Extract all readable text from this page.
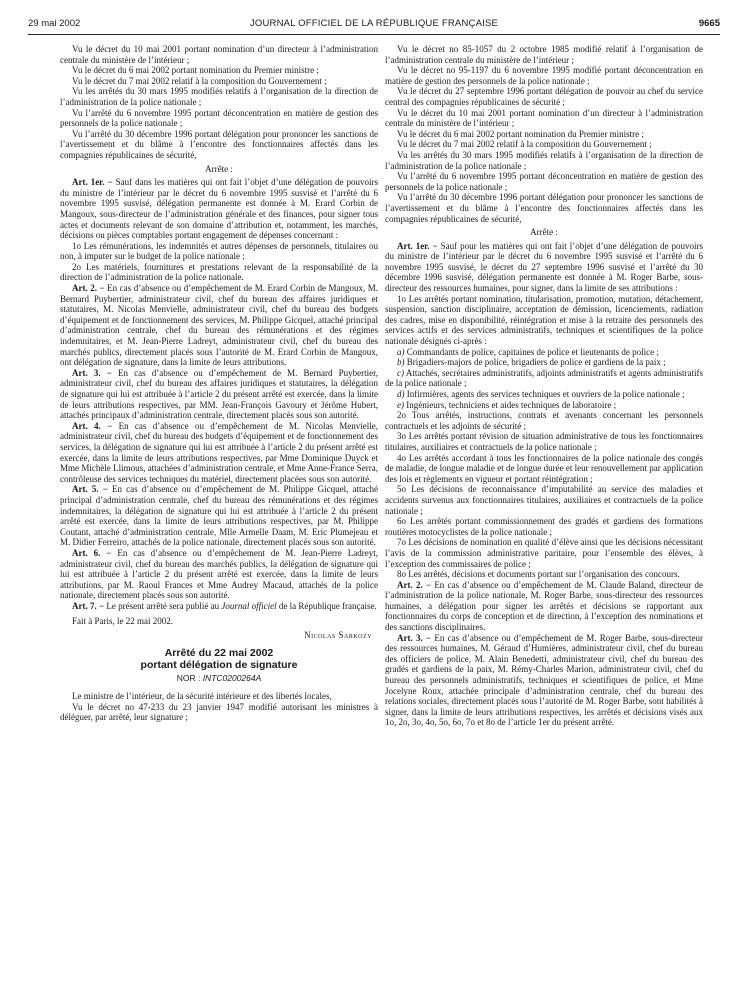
29 mai 2002	JOURNAL OFFICIEL DE LA RÉPUBLIQUE FRANÇAISE	9665

Vu le décret du 10 mai 2001 portant nomination d’un directeur à l’administration centrale du ministère de l’intérieur ;

Vu le décret du 6 mai 2002 portant nomination du Premier ministre ;

Vu le décret du 7 mai 2002 relatif à la composition du Gouvernement ;

Vu les arrêtés du 30 mars 1995 modifiés relatifs à l’organisation de la direction de l’administration de la police nationale ;

Vu l’arrêté du 6 novembre 1995 portant déconcentration en matière de gestion des personnels de la police nationale ;

Vu l’arrêté du 30 décembre 1996 portant délégation pour prononcer les sanctions de l’avertissement et du blâme à l’encontre des fonctionnaires affectés dans les compagnies républicaines de sécurité,

Arrête :

Art. 1er. − Sauf dans les matières qui ont fait l’objet d’une délégation de pouvoirs du ministre de l’intérieur par le décret du 6 novembre 1995 susvisé et l’arrêté du 6 novembre 1995 susvisé, délégation permanente est donnée à M. Erard Corbin de Mangoux, sous-directeur de l’administration générale et des finances, pour signer tous actes et documents relevant de son domaine d’attribution et, notamment, les marchés, décisions ou pièces comptables portant engagement de dépenses concernant :

1o Les rémunérations, les indemnités et autres dépenses de personnels, titulaires ou non, à imputer sur le budget de la police nationale ;

2o Les matériels, fournitures et prestations relevant de la responsabilité de la direction de l’administration de la police nationale.

Art. 2. − En cas d’absence ou d’empêchement de M. Erard Corbin de Mangoux, M. Bernard Puybertier, administrateur civil, chef du bureau des affaires juridiques et statutaires, M. Nicolas Menvielle, administrateur civil, chef du bureau des budgets d’équipement et de fonctionnement des services, M. Philippe Gicquel, attaché principal d’administration centrale, chef du bureau des rémunérations et des régimes indemnitaires, et M. Jean-Pierre Ladreyt, administrateur civil, chef du bureau des marchés publics, directement placés sous l’autorité de M. Erard Corbin de Mangoux, ont délégation de signature, dans la limite de leurs attributions.

Art. 3. − En cas d’absence ou d’empêchement de M. Bernard Puybertier, administrateur civil, chef du bureau des affaires juridiques et statutaires, la délégation de signature qui lui est attribuée à l’article 2 du présent arrêté est exercée, dans la limite de leurs attributions respectives, par MM. Jean-François Gavoury et Jérôme Hubert, attachés principaux d’administration centrale, directement placés sous son autorité.

Art. 4. − En cas d’absence ou d’empêchement de M. Nicolas Menvielle, administrateur civil, chef du bureau des budgets d’équipement et de fonctionnement des services, la délégation de signature qui lui est attribuée à l’article 2 du présent arrêté est exercée, dans la limite de leurs attributions respectives, par Mme Dominique Duyck et Mme Michèle Llimous, attachées d’administration centrale, et Mme Anne-France Serra, contrôleuse des services techniques du matériel, directement placées sous son autorité.

Art. 5. − En cas d’absence ou d’empêchement de M. Philippe Gicquel, attaché principal d’administration centrale, chef du bureau des rémunérations et des régimes indemnitaires, la délégation de signature qui lui est attribuée à l’article 2 du présent arrêté est exercée, dans la limite de leurs attributions respectives, par M. Philippe Coutant, attaché d’administration centrale, Mlle Armelle Daam, M. Eric Plumejeau et M. Didier Ferreiro, attachés de la police nationale, directement placés sous son autorité.

Art. 6. − En cas d’absence ou d’empêchement de M. Jean-Pierre Ladreyt, administrateur civil, chef du bureau des marchés publics, la délégation de signature qui lui est attribuée à l’article 2 du présent arrêté est exercée, dans la limite de leurs attributions, par M. Raoul Frances et Mme Audrey Macaud, attachés de la police nationale, directement placés sous son autorité.

Art. 7. − Le présent arrêté sera publié au Journal officiel de la République française.

Fait à Paris, le 22 mai 2002.

Nicolas Sarkozy

Arrêté du 22 mai 2002

portant délégation de signature

NOR : INTC0200264A

Le ministre de l’intérieur, de la sécurité intérieure et des libertés locales,

Vu le décret no 47-233 du 23 janvier 1947 modifié autorisant les ministres à déléguer, par arrêté, leur signature ;

Vu le décret no 85-1057 du 2 octobre 1985 modifié relatif à l’organisation de l’administration centrale du ministère de l’intérieur ;

Vu le décret no 95-1197 du 6 novembre 1995 modifié portant déconcentration en matière de gestion des personnels de la police nationale ;

Vu le décret du 27 septembre 1996 portant délégation de pouvoir au chef du service central des compagnies républicaines de sécurité ;

Vu le décret du 10 mai 2001 portant nomination d’un directeur à l’administration centrale du ministère de l’intérieur ;

Vu le décret du 6 mai 2002 portant nomination du Premier ministre ;

Vu le décret du 7 mai 2002 relatif à la composition du Gouvernement ;

Vu les arrêtés du 30 mars 1995 modifiés relatifs à l’organisation de la direction de l’administration de la police nationale ;

Vu l’arrêté du 6 novembre 1995 portant déconcentration en matière de gestion des personnels de la police nationale ;

Vu l’arrêté du 30 décembre 1996 portant délégation pour prononcer les sanctions de l’avertissement et du blâme à l’encontre des fonctionnaires affectés dans les compagnies républicaines de sécurité,

Arrête :

Art. 1er. − Sauf pour les matières qui ont fait l’objet d’une délégation de pouvoirs du ministre de l’intérieur par le décret du 6 novembre 1995 susvisé et l’arrêté du 6 novembre 1995 susvisé, le décret du 27 septembre 1996 susvisé et l’arrêté du 30 décembre 1996 susvisé, délégation permanente est donnée à M. Roger Barbe, sous-directeur des ressources humaines, pour signer, dans la limite de ses attributions :

1o Les arrêtés portant nomination, titularisation, promotion, mutation, détachement, suspension, sanction disciplinaire, acceptation de démission, licenciements, radiation des cadres, mise en disponibilité, réintégration et mise à la retraite des personnels des services actifs et des services administratifs, techniques et scientifiques de la police nationale désignés ci-après :

a) Commandants de police, capitaines de police et lieutenants de police ;

b) Brigadiers-majors de police, brigadiers de police et gardiens de la paix ;

c) Attachés, secrétaires administratifs, adjoints administratifs et agents administratifs de la police nationale ;

d) Infirmières, agents des services techniques et ouvriers de la police nationale ;

e) Ingénieurs, techniciens et aides techniques de laboratoire ;

2o Tous arrêtés, instructions, contrats et avenants concernant les personnels contractuels et les adjoints de sécurité ;

3o Les arrêtés portant révision de situation administrative de tous les fonctionnaires titulaires, auxiliaires et contractuels de la police nationale ;

4o Les arrêtés accordant à tous les fonctionnaires de la police nationale des congés de maladie, de longue maladie et de longue durée et leur renouvellement par application des lois et règlements en vigueur et portant réintégration ;

5o Les décisions de reconnaissance d’imputabilité au service des maladies et accidents survenus aux fonctionnaires titulaires, auxiliaires et contractuels de la police nationale ;

6o Les arrêtés portant commissionnement des gradés et gardiens des formations routières motocyclistes de la police nationale ;

7o Les décisions de nomination en qualité d’élève ainsi que les décisions nécessitant l’avis de la commission administrative paritaire, pour l’ensemble des élèves, à l’exception des commissaires de police ;

8o Les arrêtés, décisions et documents portant sur l’organisation des concours.

Art. 2. − En cas d’absence ou d’empêchement de M. Claude Baland, directeur de l’administration de la police nationale, M. Roger Barbe, sous-directeur des ressources humaines, a délégation pour signer les arrêtés et décisions se rapportant aux fonctionnaires du corps de conception et de direction, à l’exception des nominations et des sanctions disciplinaires.

Art. 3. − En cas d’absence ou d’empêchement de M. Roger Barbe, sous-directeur des ressources humaines, M. Géraud d’Humières, administrateur civil, chef du bureau des officiers de police, M. Alain Benedetti, administrateur civil, chef du bureau des gradés et gardiens de la paix, M. Rémy-Charles Marion, administrateur civil, chef du bureau des personnels administratifs, techniques et scientifiques de police, et Mme Jocelyne Roux, attachée principale d’administration centrale, chef du bureau des relations sociales, directement placés sous l’autorité de M. Roger Barbe, sont habilités à signer, dans la limite de leurs attributions respectives, les arrêtés et décisions visés aux 1o, 2o, 3o, 4o, 5o, 6o, 7o et 8o de l’article 1er du présent arrêté.
